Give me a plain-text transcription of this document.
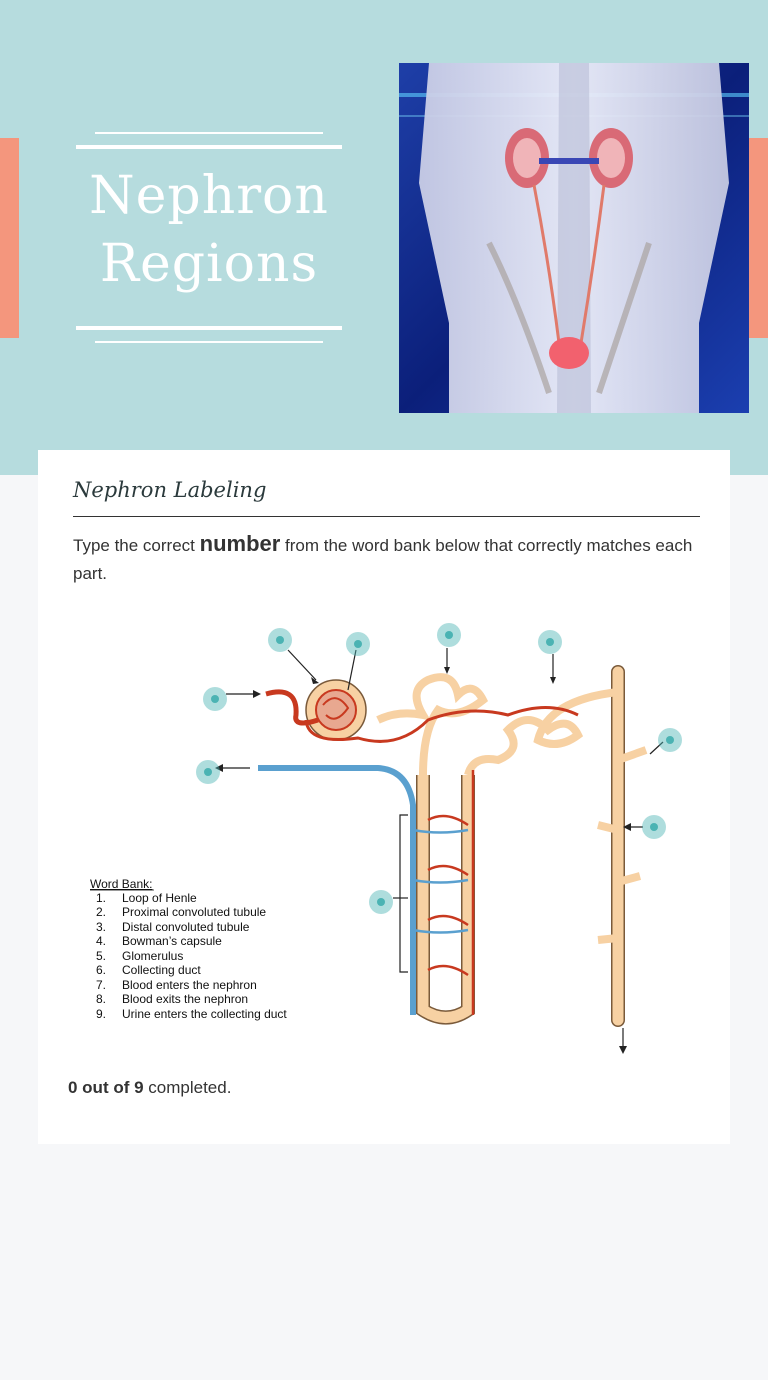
Nephron
Regions
Nephron Labeling
Type the correct number from the word bank below that correctly matches each part.
Word Bank:
1. Loop of Henle
2. Proximal convoluted tubule
3. Distal convoluted tubule
4. Bowman’s capsule
5. Glomerulus
6. Collecting duct
7. Blood enters the nephron
8. Blood exits the nephron
9. Urine enters the collecting duct
0 out of 9 completed.
